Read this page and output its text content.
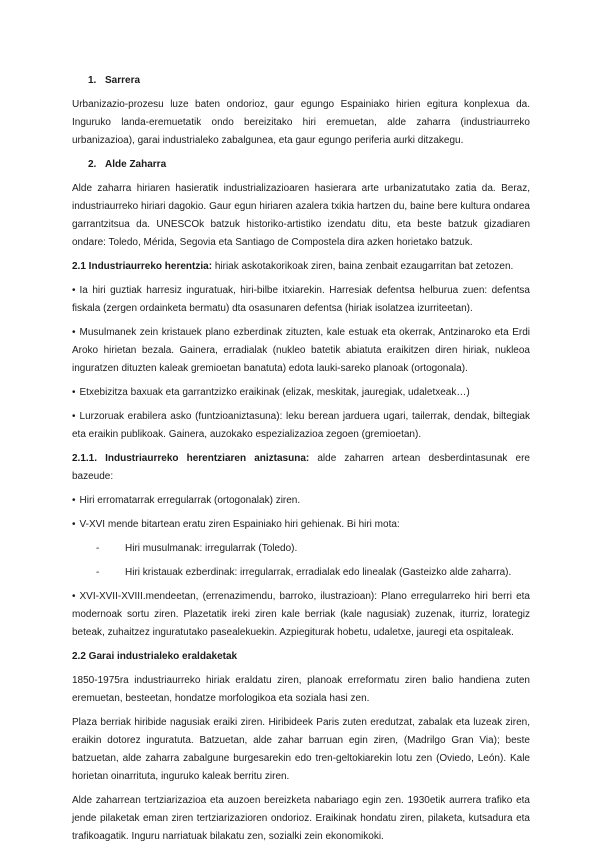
1. Sarrera
Urbanizazio-prozesu luze baten ondorioz, gaur egungo Espainiako hirien egitura konplexua da. Inguruko landa-eremuetatik ondo bereizitako hiri eremuetan, alde zaharra (industriaurreko urbanizazioa), garai industrialeko zabalgunea, eta gaur egungo periferia aurki ditzakegu.
2. Alde Zaharra
Alde zaharra hiriaren hasieratik industrializazioaren hasierara arte urbanizatutako zatia da. Beraz, industriaurreko hiriari dagokio. Gaur egun hiriaren azalera txikia hartzen du, baine bere kultura ondarea garrantzitsua da. UNESCOk batzuk historiko-artistiko izendatu ditu, eta beste batzuk gizadiaren ondare: Toledo, Mérida, Segovia eta Santiago de Compostela dira azken horietako batzuk.
2.1 Industriaurreko herentzia: hiriak askotakorikoak ziren, baina zenbait ezaugarritan bat zetozen.
• Ia hiri guztiak harresiz inguratuak, hiri-bilbe itxiarekin. Harresiak defentsa helburua zuen: defentsa fiskala (zergen ordainketa bermatu) dta osasunaren defentsa (hiriak isolatzea izurriteetan).
• Musulmanek zein kristauek plano ezberdinak zituzten, kale estuak eta okerrak, Antzinaroko eta Erdi Aroko hirietan bezala. Gainera, erradialak (nukleo batetik abiatuta eraikitzen diren hiriak, nukleoa inguratzen dituzten kaleak gremioetan banatuta) edota lauki-sareko planoak (ortogonala).
• Etxebizitza baxuak eta garrantzizko eraikinak (elizak, meskitak, jauregiak, udaletxeak…)
• Lurzoruak erabilera asko (funtzioaniztasuna): leku berean jarduera ugari, tailerrak, dendak, biltegiak eta eraikin publikoak. Gainera, auzokako espezializazioa zegoen (gremioetan).
2.1.1. Industriaurreko herentziaren aniztasuna: alde zaharren artean desberdintasunak ere bazeude:
• Hiri erromatarrak erregularrak (ortogonalak) ziren.
• V-XVI mende bitartean eratu ziren Espainiako hiri gehienak. Bi hiri mota:
-	Hiri musulmanak: irregularrak (Toledo).
-	Hiri kristauak ezberdinak: irregularrak, erradialak edo linealak (Gasteizko alde zaharra).
• XVI-XVII-XVIII.mendeetan, (errenazimendu, barroko, ilustrazioan): Plano erregularreko hiri berri eta modernoak sortu ziren. Plazetatik ireki ziren kale berriak (kale nagusiak) zuzenak, iturriz, lorategiz beteak, zuhaitzez inguratutako pasealekuekin. Azpiegiturak hobetu, udaletxe, jauregi eta ospitaleak.
2.2 Garai industrialeko eraldaketak
1850-1975ra industriaurreko hiriak eraldatu ziren, planoak erreformatu ziren balio handiena zuten eremuetan, besteetan, hondatze morfologikoa eta soziala hasi zen.
Plaza berriak hiribide nagusiak eraiki ziren. Hiribideek Paris zuten eredutzat, zabalak eta luzeak ziren, eraikin dotorez inguratuta. Batzuetan, alde zahar barruan egin ziren, (Madrilgo Gran Via); beste batzuetan, alde zaharra zabalgune burgesarekin edo tren-geltokiarekin lotu zen (Oviedo, León). Kale horietan oinarrituta, inguruko kaleak berritu ziren.
Alde zaharrean tertziarizazioa eta auzoen bereizketa nabariago egin zen. 1930etik aurrera trafiko eta jende pilaketak eman ziren tertziarizazioren ondorioz. Eraikinak hondatu ziren, pilaketa, kutsadura eta trafikoagatik. Inguru narriatuak bilakatu zen, sozialki zein ekonomikoki.
